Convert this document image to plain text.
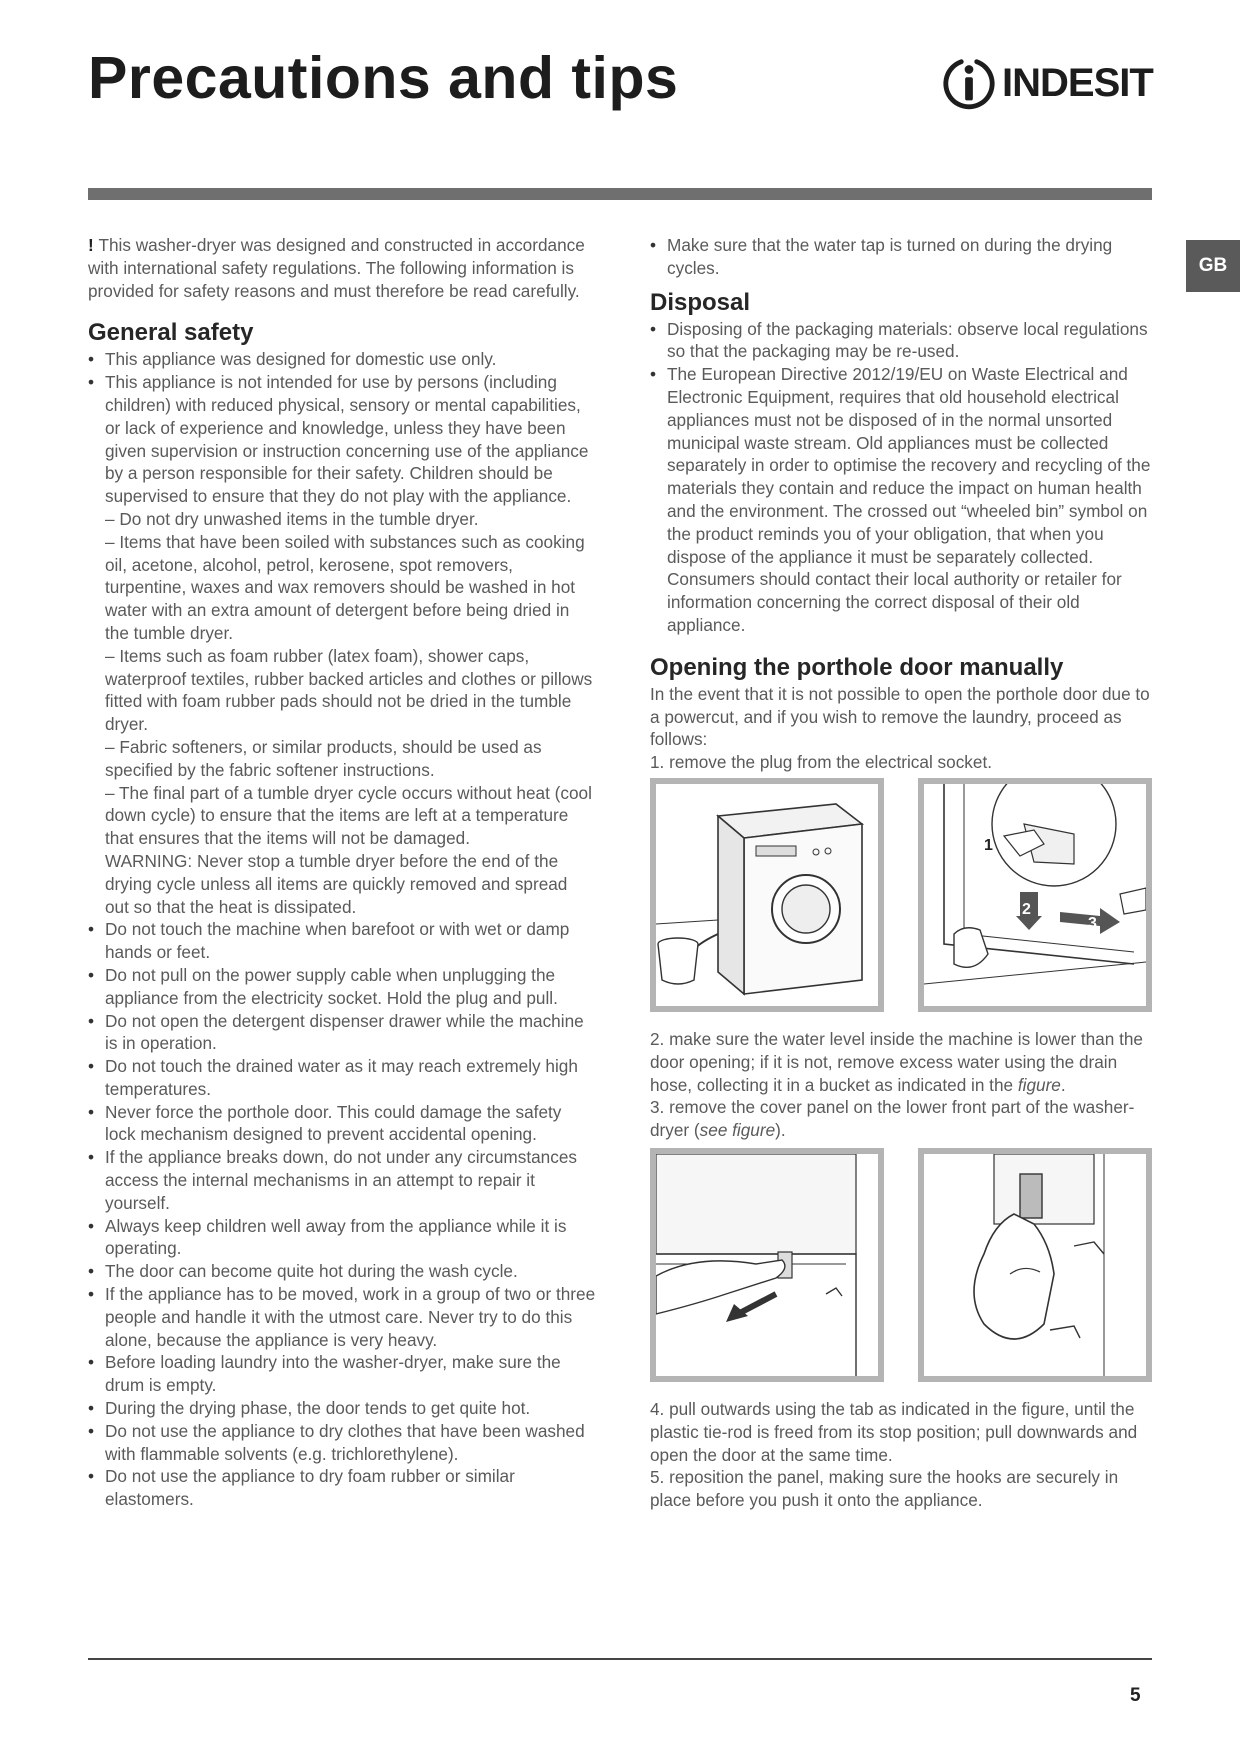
Precautions and tips	INDESIT
GB

! This washer-dryer was designed and constructed in accordance with international safety regulations. The following information is provided for safety reasons and must therefore be read carefully.

General safety
• This appliance was designed for domestic use only.

• This appliance is not intended for use by persons (including children) with reduced physical, sensory or mental capabilities, or lack of experience and knowledge, unless they have been given supervision or instruction concerning use of the appliance by a person responsible for their safety. Children should be supervised to ensure that they do not play with the appliance.

– Do not dry unwashed items in the tumble dryer.

– Items that have been soiled with substances such as cooking oil, acetone, alcohol, petrol, kerosene, spot removers, turpentine, waxes and wax removers should be washed in hot water with an extra amount of detergent before being dried in the tumble dryer.

– Items such as foam rubber (latex foam), shower caps, waterproof textiles, rubber backed articles and clothes or pillows fitted with foam rubber pads should not be dried in the tumble dryer.

– Fabric softeners, or similar products, should be used as specified by the fabric softener instructions.

– The final part of a tumble dryer cycle occurs without heat (cool down cycle) to ensure that the items are left at a temperature that ensures that the items will not be damaged.

WARNING: Never stop a tumble dryer before the end of the drying cycle unless all items are quickly removed and spread out so that the heat is dissipated.

• Do not touch the machine when barefoot or with wet or damp hands or feet.
• Do not pull on the power supply cable when unplugging the appliance from the electricity socket. Hold the plug and pull.
• Do not open the detergent dispenser drawer while the machine is in operation.
• Do not touch the drained water as it may reach extremely high temperatures.
• Never force the porthole door. This could damage the safety lock mechanism designed to prevent accidental opening.
• If the appliance breaks down, do not under any circumstances access the internal mechanisms in an attempt to repair it yourself.
• Always keep children well away from the appliance while it is operating.
• The door can become quite hot during the wash cycle.
• If the appliance has to be moved, work in a group of two or three people and handle it with the utmost care. Never try to do this alone, because the appliance is very heavy.
• Before loading laundry into the washer-dryer, make sure the drum is empty.
• During the drying phase, the door tends to get quite hot.
• Do not use the appliance to dry clothes that have been washed with flammable solvents (e.g. trichlorethylene).
• Do not use the appliance to dry foam rubber or similar elastomers.
• Make sure that the water tap is turned on during the drying cycles.
Disposal
• Disposing of the packaging materials: observe local regulations so that the packaging may be re-used.

• The European Directive 2012/19/EU on Waste Electrical and Electronic Equipment, requires that old household electrical appliances must not be disposed of in the normal unsorted municipal waste stream. Old appliances must be collected separately in order to optimise the recovery and recycling of the materials they contain and reduce the impact on human health and the environment. The crossed out “wheeled bin” symbol on the product reminds you of your obligation, that when you dispose of the appliance it must be separately collected.

Consumers should contact their local authority or retailer for information concerning the correct disposal of their old appliance.

Opening the porthole door manually

In the event that it is not possible to open the porthole door due to a powercut, and if you wish to remove the laundry, proceed as follows:

1. remove the plug from the electrical socket.

1
2
3

2. make sure the water level inside the machine is lower than the door opening; if it is not, remove excess water using the drain hose, collecting it in a bucket as indicated in the figure.

3. remove the cover panel on the lower front part of the washer-dryer (see figure).

4. pull outwards using the tab as indicated in the figure, until the plastic tie-rod is freed from its stop position; pull downwards and open the door at the same time.

5. reposition the panel, making sure the hooks are securely in place before you push it onto the appliance.

5
